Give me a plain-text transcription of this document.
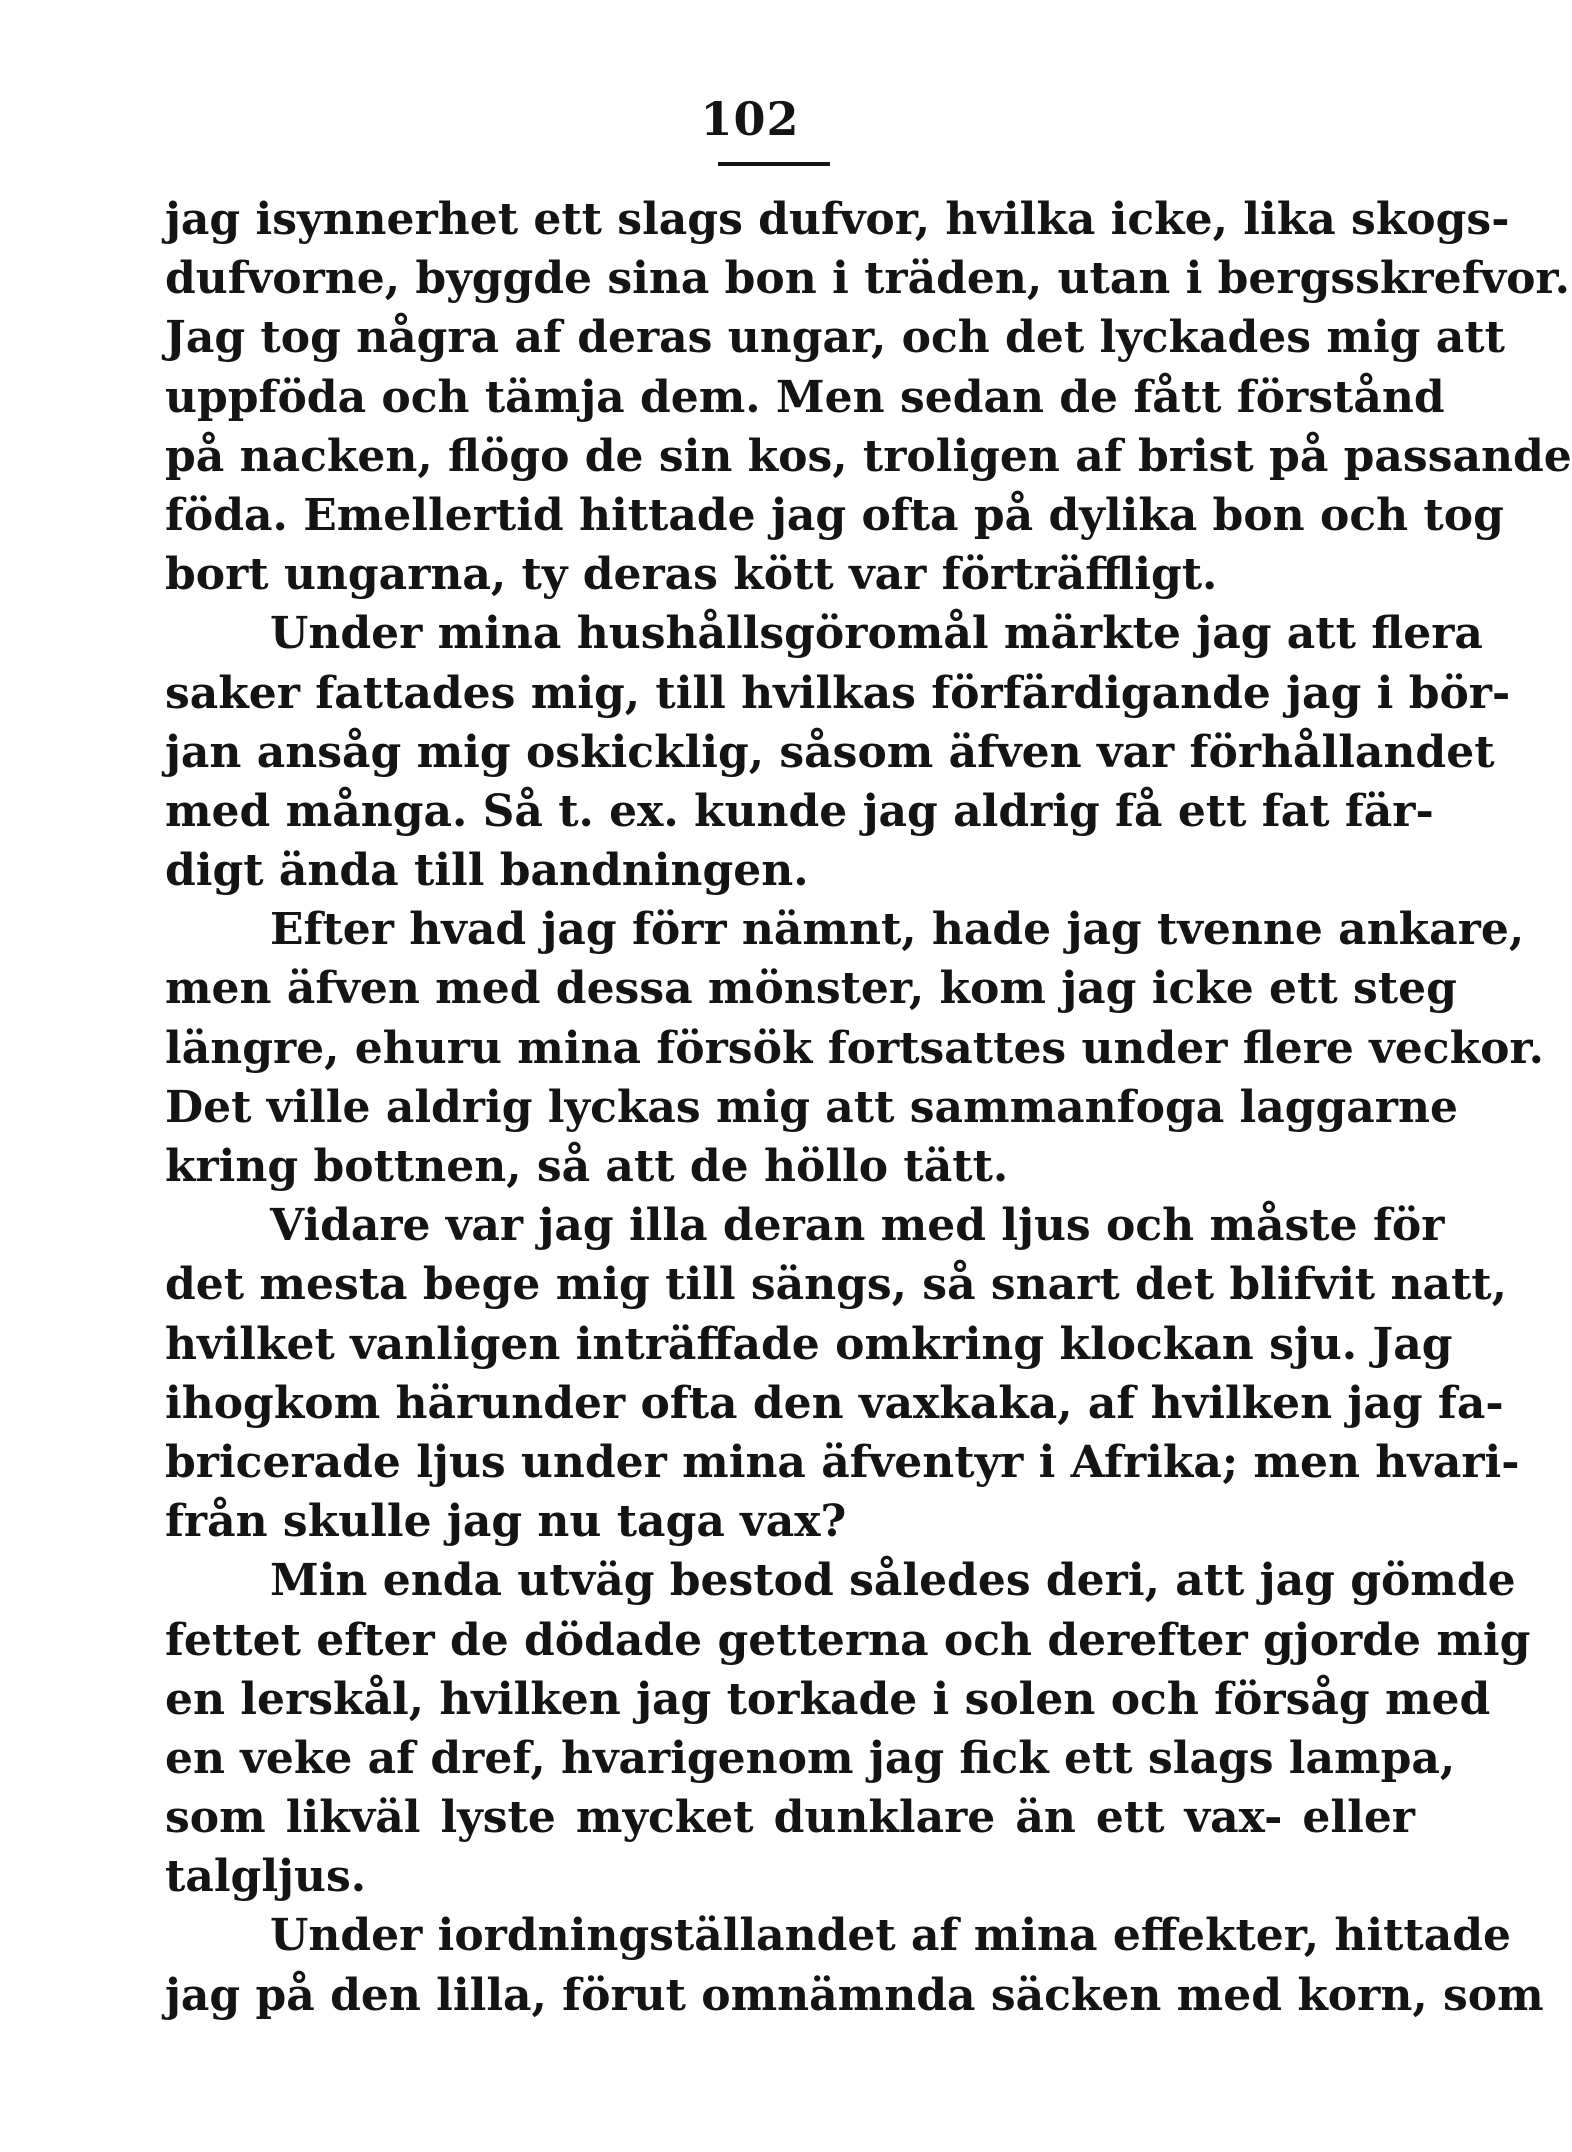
102
jag isynnerhet ett slags dufvor, hvilka icke, lika skogs-
dufvorne, byggde sina bon i träden, utan i bergsskrefvor.
Jag tog några af deras ungar, och det lyckades mig att
uppföda och tämja dem. Men sedan de fått förstånd
på nacken, flögo de sin kos, troligen af brist på passande
föda. Emellertid hittade jag ofta på dylika bon och tog
bort ungarna, ty deras kött var förträffligt.
Under mina hushållsgöromål märkte jag att flera
saker fattades mig, till hvilkas förfärdigande jag i bör-
jan ansåg mig oskicklig, såsom äfven var förhållandet
med många. Så t. ex. kunde jag aldrig få ett fat fär-
digt ända till bandningen.
Efter hvad jag förr nämnt, hade jag tvenne ankare,
men äfven med dessa mönster, kom jag icke ett steg
längre, ehuru mina försök fortsattes under flere veckor.
Det ville aldrig lyckas mig att sammanfoga laggarne
kring bottnen, så att de höllo tätt.
Vidare var jag illa deran med ljus och måste för
det mesta bege mig till sängs, så snart det blifvit natt,
hvilket vanligen inträffade omkring klockan sju. Jag
ihogkom härunder ofta den vaxkaka, af hvilken jag fa-
bricerade ljus under mina äfventyr i Afrika; men hvari-
från skulle jag nu taga vax?
Min enda utväg bestod således deri, att jag gömde
fettet efter de dödade getterna och derefter gjorde mig
en lerskål, hvilken jag torkade i solen och försåg med
en veke af dref, hvarigenom jag fick ett slags lampa,
som likväl lyste mycket dunklare än ett vax- eller
talgljus.
Under iordningställandet af mina effekter, hittade
jag på den lilla, förut omnämnda säcken med korn, som
